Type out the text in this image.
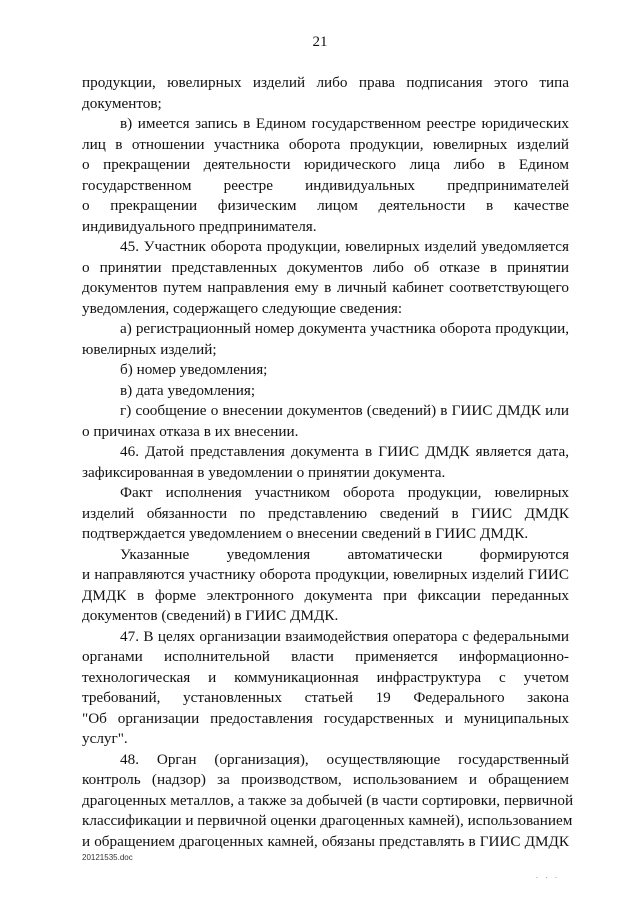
21
продукции, ювелирных изделий либо права подписания этого типа
документов;
в) имеется запись в Едином государственном реестре юридических
лиц в отношении участника оборота продукции, ювелирных изделий
о прекращении деятельности юридического лица либо в Едином
государственном реестре индивидуальных предпринимателей
о прекращении физическим лицом деятельности в качестве
индивидуального предпринимателя.
45. Участник оборота продукции, ювелирных изделий уведомляется
о принятии представленных документов либо об отказе в принятии
документов путем направления ему в личный кабинет соответствующего
уведомления, содержащего следующие сведения:
а) регистрационный номер документа участника оборота продукции,
ювелирных изделий;
б) номер уведомления;
в) дата уведомления;
г) сообщение о внесении документов (сведений) в ГИИС ДМДК или
о причинах отказа в их внесении.
46. Датой представления документа в ГИИС ДМДК является дата,
зафиксированная в уведомлении о принятии документа.
Факт исполнения участником оборота продукции, ювелирных
изделий обязанности по представлению сведений в ГИИС ДМДК
подтверждается уведомлением о внесении сведений в ГИИС ДМДК.
Указанные уведомления автоматически формируются
и направляются участнику оборота продукции, ювелирных изделий ГИИС
ДМДК в форме электронного документа при фиксации переданных
документов (сведений) в ГИИС ДМДК.
47. В целях организации взаимодействия оператора с федеральными
органами исполнительной власти применяется информационно-
технологическая и коммуникационная инфраструктура с учетом
требований, установленных статьей 19 Федерального закона
"Об организации предоставления государственных и муниципальных
услуг".
48. Орган (организация), осуществляющие государственный
контроль (надзор) за производством, использованием и обращением
драгоценных металлов, а также за добычей (в части сортировки, первичной
классификации и первичной оценки драгоценных камней), использованием
и обращением драгоценных камней, обязаны представлять в ГИИС ДМДК
20121535.doc
. . .
